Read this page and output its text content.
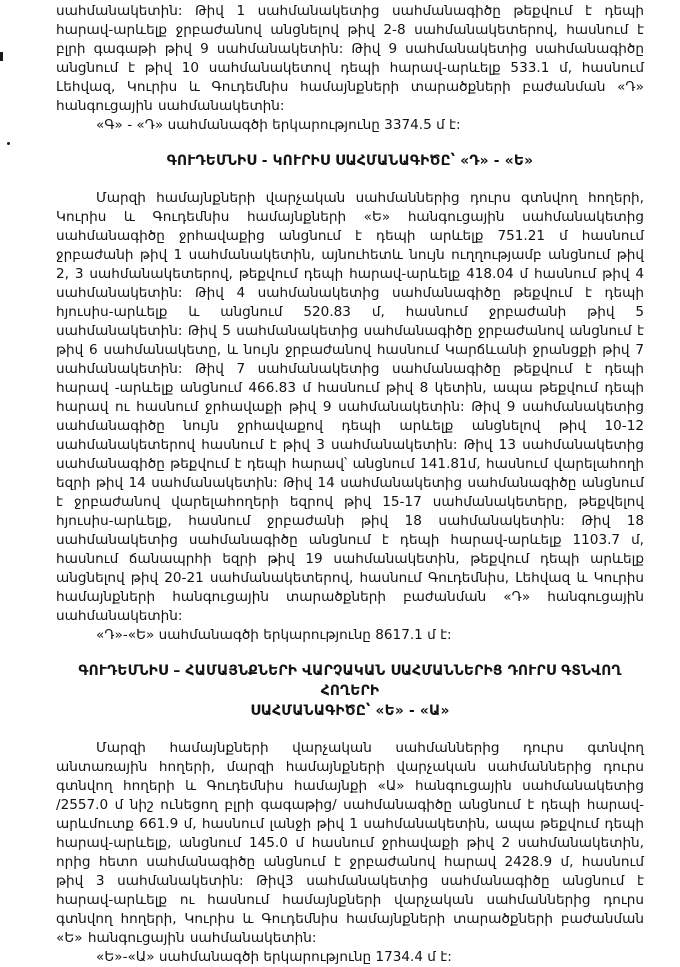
սահմանակետին: Թիվ 1 սահմանակետից սահմանագիծը թեքվում է դեպի հարավ-արևելք ջրբաժանով անցնելով թիվ 2-8 սահմանակետերով, հասնում է բլրի գագաթի թիվ 9 սահմանակետին: Թիվ 9 սահմանակետից սահմանագիծը անցնում է թիվ 10 սահմանակետով դեպի հարավ-արևելք 533.1 մ, հասնում Լեհվազ, Կուրիս և Գուդեմնիս համայնքների տարածքների բաժանման «Դ» հանգուցային սահմանակետին:

«Գ» - «Դ» սահմանագծի երկարությունը 3374.5 մ է:

ԳՈՒԴԵՄՆԻՍ - ԿՈՒՐԻՍ ՍԱՀՄԱՆԱԳԻԾԸ՝ «Դ» - «Ե»

Մարզի համայնքների վարչական սահմաններից դուրս գտնվող հողերի, Կուրիս և Գուդեմնիս համայնքների «Ե» հանգուցային սահմանակետից սահմանագիծը ջրհավաքից անցնում է դեպի արևելք 751.21 մ հասնում ջրբաժանի թիվ 1 սահմանակետին, այնուհետև նույն ուղղությամբ անցնում թիվ 2, 3 սահմանակետերով, թեքվում դեպի հարավ-արևելք 418.04 մ հասնում թիվ 4 սահմանակետին: Թիվ 4 սահմանակետից սահմանագիծը թեքվում է դեպի հյուսիս-արևելք և անցնում 520.83 մ, հասնում ջրբաժանի թիվ 5 սահմանակետին: Թիվ 5 սահմանակետից սահմանագիծը ջրբաժանով անցնում է թիվ 6 սահմանակետը, և նույն ջրբաժանով հասնում Կարճևանի ջրանցքի թիվ 7 սահմանակետին: Թիվ 7 սահմանակետից սահմանագիծը թեքվում է դեպի հարավ -արևելք անցնում 466.83 մ հասնում թիվ 8 կետին, ապա թեքվում դեպի հարավ ու հասնում ջրհավաքի թիվ 9 սահմանակետին: Թիվ 9 սահմանակետից սահմանագիծը նույն ջրհավաքով դեպի արևելք անցնելով թիվ 10-12 սահմանակետերով հասնում է թիվ 3 սահմանակետին: Թիվ 13 սահմանակետից սահմանագիծը թեքվում է դեպի հարավ՝ անցնում 141.81մ, հասնում վարելահողի եզրի թիվ 14 սահմանակետին: Թիվ 14 սահմանակետից սահմանագիծը անցնում է ջրբաժանով վարելահողերի եզրով թիվ 15-17 սահմանակետերը, թեքվելով հյուսիս-արևելք, հասնում ջրբաժանի թիվ 18 սահմանակետին: Թիվ 18 սահմանակետից սահմանագիծը անցնում է դեպի հարավ-արևելք 1103.7 մ, հասնում ճանապրհի եզրի թիվ 19 սահմանակետին, թեքվում դեպի արևելք անցնելով թիվ 20-21 սահմանակետերով, հասնում Գուդեմնիս, Լեհվազ և Կուրիս համայնքների հանգուցային տարածքների բաժանման «Դ» հանգուցային սահմանակետին:

«Դ»-«Ե» սահմանագծի երկարությունը 8617.1 մ է:

ԳՈՒԴԵՄՆԻՍ – ՀԱՄԱՅՆՔՆԵՐԻ ՎԱՐՉԱԿԱՆ ՍԱՀՄԱՆՆԵՐԻՑ ԴՈՒՐՍ ԳՏՆՎՈՂ ՀՈՂԵՐԻ
ՍԱՀՄԱՆԱԳԻԾԸ՝ «Ե» - «Ա»

Մարզի համայնքների վարչական սահմաններից դուրս գտնվող անտառային հողերի, մարզի համայնքների վարչական սահմաններից դուրս գտնվող հողերի և Գուդեմնիս համայնքի «Ա» հանգուցային սահմանակետից /2557.0 մ նիշ ունեցող բլրի գագաթից/ սահմանագիծը անցնում է դեպի հարավ-արևմուտք 661.9 մ, հասնում լանջի թիվ 1 սահմանակետին, ապա թեքվում դեպի հարավ-արևելք, անցնում 145.0 մ հասնում ջրհավաքի թիվ 2 սահմանակետին, որից հետո սահմանագիծը անցնում է ջրբաժանով հարավ 2428.9 մ, հասնում թիվ 3 սահմանակետին: Թիվ3 սահմանակետից սահմանագիծը անցնում է հարավ-արևելք ու հասնում համայնքների վարչական սահմաններից դուրս գտնվող հողերի, Կուրիս և Գուդեմնիս համայնքների տարածքների բաժանման «Ե» հանգուցային սահմանակետին:

«Ե»-«Ա» սահմանագծի երկարությունը 1734.4 մ է:
